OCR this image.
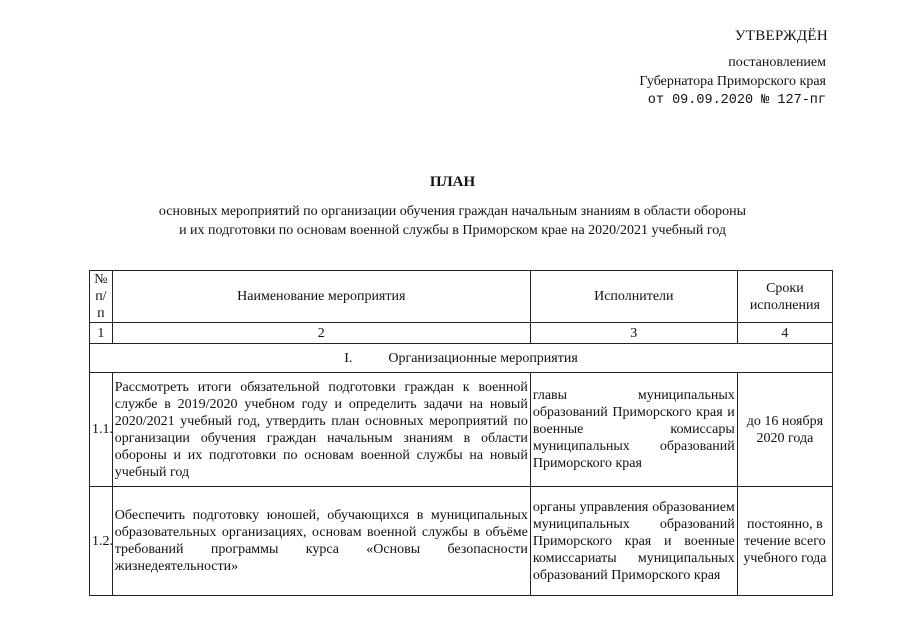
УТВЕРЖДЁН
постановлением
Губернатора Приморского края
от 09.09.2020 № 127-пг
ПЛАН
основных мероприятий по организации обучения граждан начальным знаниям в области обороны
и их подготовки по основам военной службы в Приморском крае на 2020/2021 учебный год
№ п/п	Наименование мероприятия	Исполнители	Сроки исполнения
1	2	3	4
I. Организационные мероприятия			
1.1.	Рассмотреть итоги обязательной подготовки граждан к военной службе в 2019/2020 учебном году и определить задачи на новый 2020/2021 учебный год, утвердить план основных мероприятий по организации обучения граждан начальным знаниям в области обороны и их подготовки по основам военной службы на новый учебный год	главы муниципальных образований Приморского края и военные комиссары муниципальных образований Приморского края	до 16 ноября 2020 года
1.2.	Обеспечить подготовку юношей, обучающихся в муниципальных образовательных организациях, основам военной службы в объёме требований программы курса «Основы безопасности жизнедеятельности»	органы управления образованием муниципальных образований Приморского края и военные комиссариаты муниципальных образований Приморского края	постоянно, в течение всего учебного года
